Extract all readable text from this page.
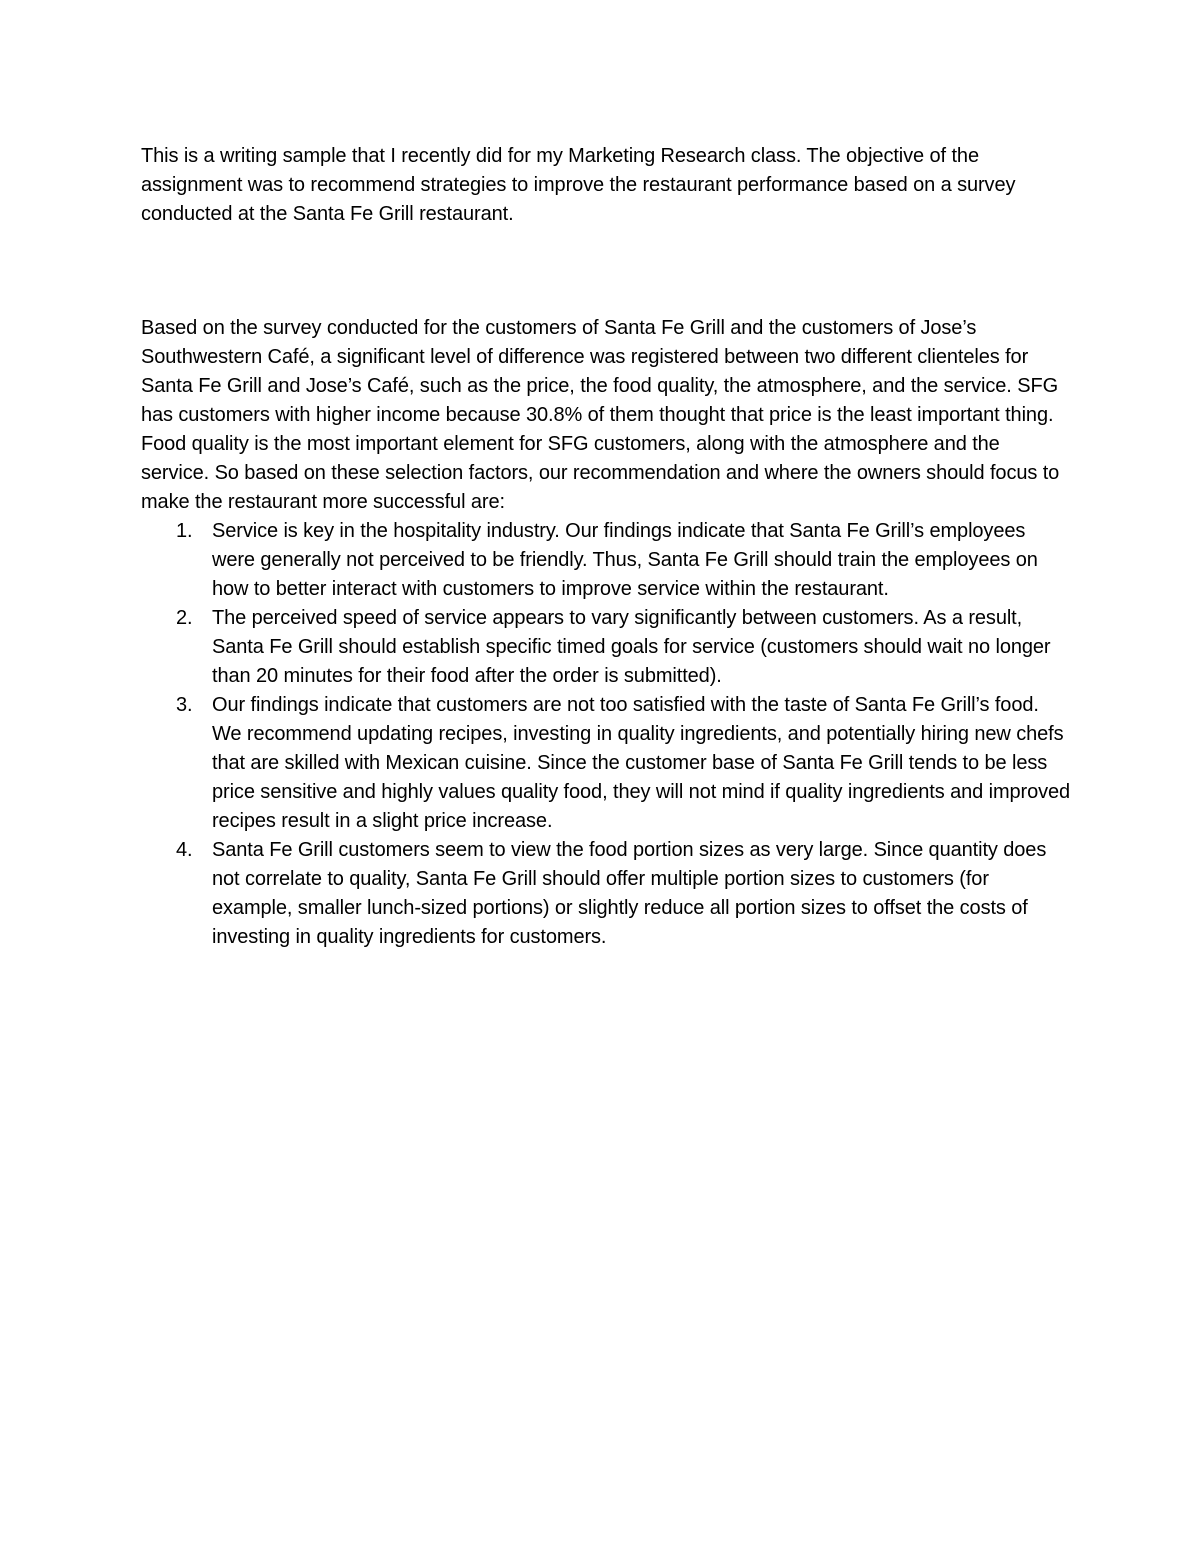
This is a writing sample that I recently did for my Marketing Research class. The objective of the assignment was to recommend strategies to improve the restaurant performance based on a survey conducted at the Santa Fe Grill restaurant.

Based on the survey conducted for the customers of Santa Fe Grill and the customers of Jose’s Southwestern Café, a significant level of difference was registered between two different clienteles for Santa Fe Grill and Jose’s Café, such as the price, the food quality, the atmosphere, and the service. SFG has customers with higher income because 30.8% of them thought that price is the least important thing. Food quality is the most important element for SFG customers, along with the atmosphere and the service. So based on these selection factors, our recommendation and where the owners should focus to make the restaurant more successful are:

1. Service is key in the hospitality industry. Our findings indicate that Santa Fe Grill’s employees were generally not perceived to be friendly. Thus, Santa Fe Grill should train the employees on how to better interact with customers to improve service within the restaurant.
2. The perceived speed of service appears to vary significantly between customers. As a result, Santa Fe Grill should establish specific timed goals for service (customers should wait no longer than 20 minutes for their food after the order is submitted).
3. Our findings indicate that customers are not too satisfied with the taste of Santa Fe Grill’s food. We recommend updating recipes, investing in quality ingredients, and potentially hiring new chefs that are skilled with Mexican cuisine. Since the customer base of Santa Fe Grill tends to be less price sensitive and highly values quality food, they will not mind if quality ingredients and improved recipes result in a slight price increase.
4. Santa Fe Grill customers seem to view the food portion sizes as very large. Since quantity does not correlate to quality, Santa Fe Grill should offer multiple portion sizes to customers (for example, smaller lunch-sized portions) or slightly reduce all portion sizes to offset the costs of investing in quality ingredients for customers.
